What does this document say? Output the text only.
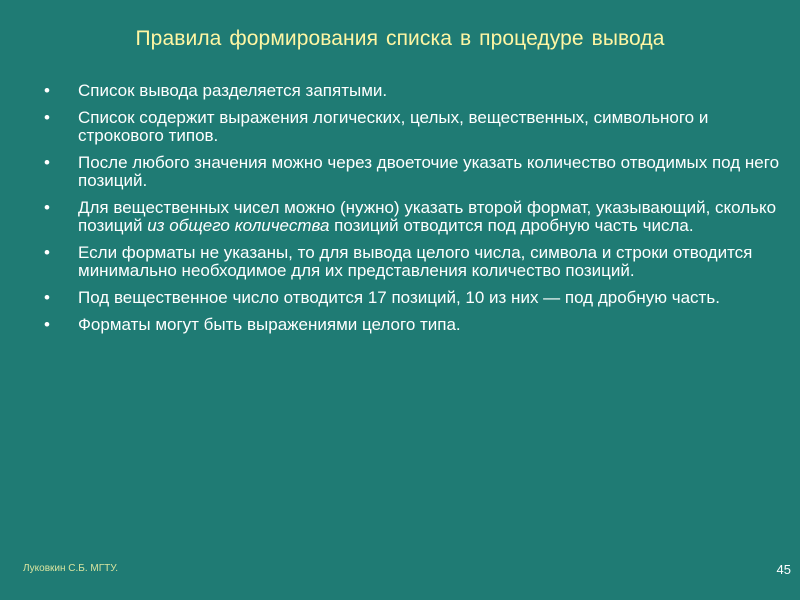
Правила формирования списка в процедуре вывода
•	Список вывода разделяется запятыми.
•	Список содержит выражения логических, целых, вещественных, символьного и строкового типов.
•	После любого значения можно через двоеточие указать количество отводимых под него позиций.
•	Для вещественных чисел можно (нужно) указать второй формат, указывающий, сколько позиций из общего количества позиций отводится под дробную часть числа.
•	Если форматы не указаны, то для вывода целого числа, символа и строки отводится минимально необходимое для их представления количество позиций.
•	Под вещественное число отводится 17 позиций, 10 из них — под дробную часть.
•	Форматы могут быть выражениями целого типа.
Луковкин С.Б. МГТУ.	45
